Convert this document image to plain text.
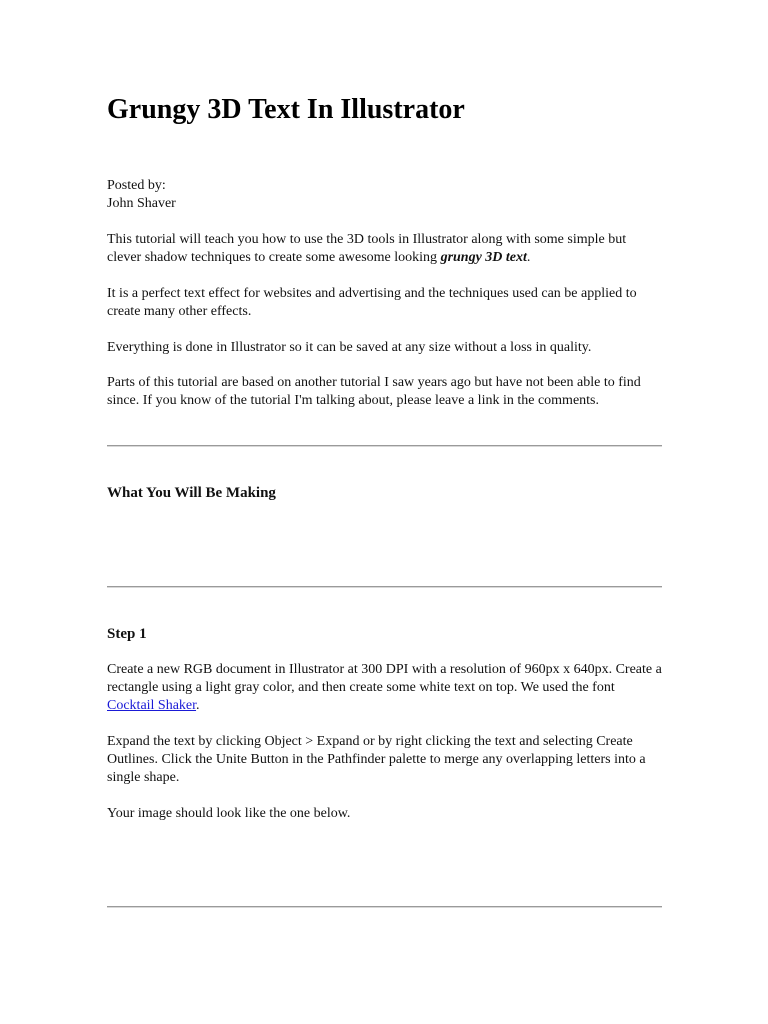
Grungy 3D Text In Illustrator
Posted by:
John Shaver

This tutorial will teach you how to use the 3D tools in Illustrator along with some simple but clever shadow techniques to create some awesome looking grungy 3D text.

It is a perfect text effect for websites and advertising and the techniques used can be applied to create many other effects.

Everything is done in Illustrator so it can be saved at any size without a loss in quality.

Parts of this tutorial are based on another tutorial I saw years ago but have not been able to find since. If you know of the tutorial I'm talking about, please leave a link in the comments.

What You Will Be Making
Step 1

Create a new RGB document in Illustrator at 300 DPI with a resolution of 960px x 640px. Create a rectangle using a light gray color, and then create some white text on top. We used the font Cocktail Shaker.

Expand the text by clicking Object > Expand or by right clicking the text and selecting Create Outlines. Click the Unite Button in the Pathfinder palette to merge any overlapping letters into a single shape.

Your image should look like the one below.
